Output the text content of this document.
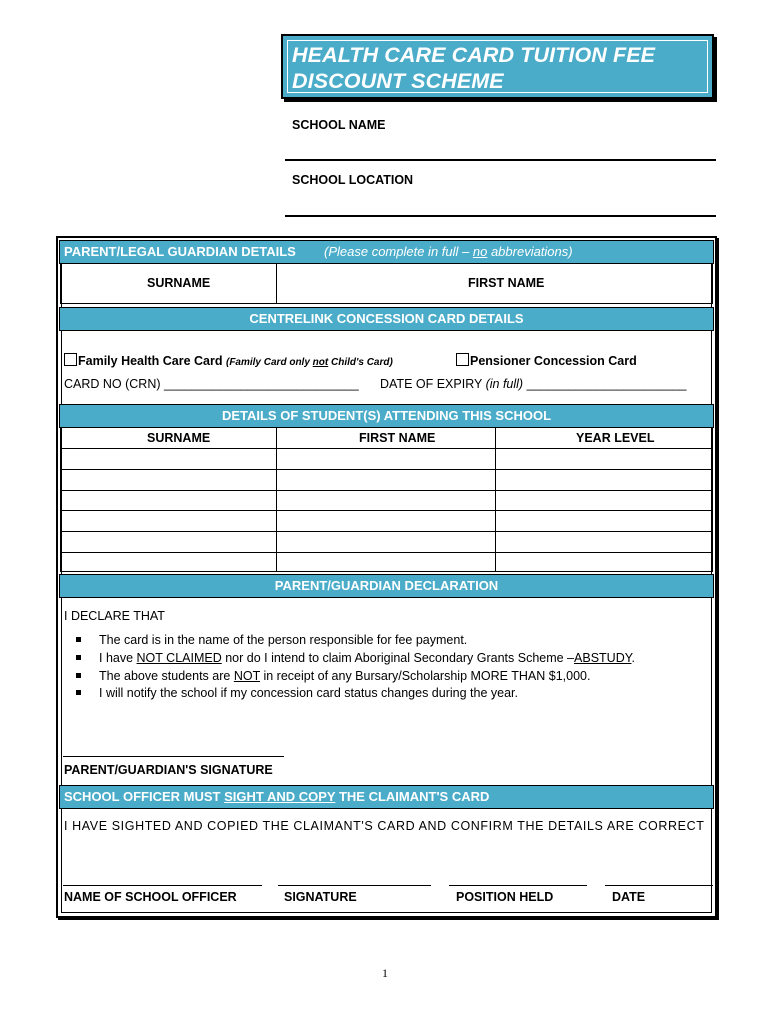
HEALTH CARE CARD TUITION FEE
DISCOUNT SCHEME
SCHOOL NAME
SCHOOL LOCATION
PARENT/LEGAL GUARDIAN DETAILS (Please complete in full – no abbreviations)
SURNAME	FIRST NAME
CENTRELINK CONCESSION CARD DETAILS
Family Health Care Card (Family Card only not Child's Card)	Pensioner Concession Card
CARD NO (CRN) ____________________________ DATE OF EXPIRY (in full) _______________________
DETAILS OF STUDENT(S) ATTENDING THIS SCHOOL
SURNAME	FIRST NAME	YEAR LEVEL
PARENT/GUARDIAN DECLARATION
I DECLARE THAT
The card is in the name of the person responsible for fee payment.
I have NOT CLAIMED nor do I intend to claim Aboriginal Secondary Grants Scheme –ABSTUDY.
The above students are NOT in receipt of any Bursary/Scholarship MORE THAN $1,000.
I will notify the school if my concession card status changes during the year.
PARENT/GUARDIAN'S SIGNATURE
SCHOOL OFFICER MUST SIGHT AND COPY THE CLAIMANT'S CARD
I HAVE SIGHTED AND COPIED THE CLAIMANT'S CARD AND CONFIRM THE DETAILS ARE CORRECT
NAME OF SCHOOL OFFICER	SIGNATURE	POSITION HELD	DATE
1
